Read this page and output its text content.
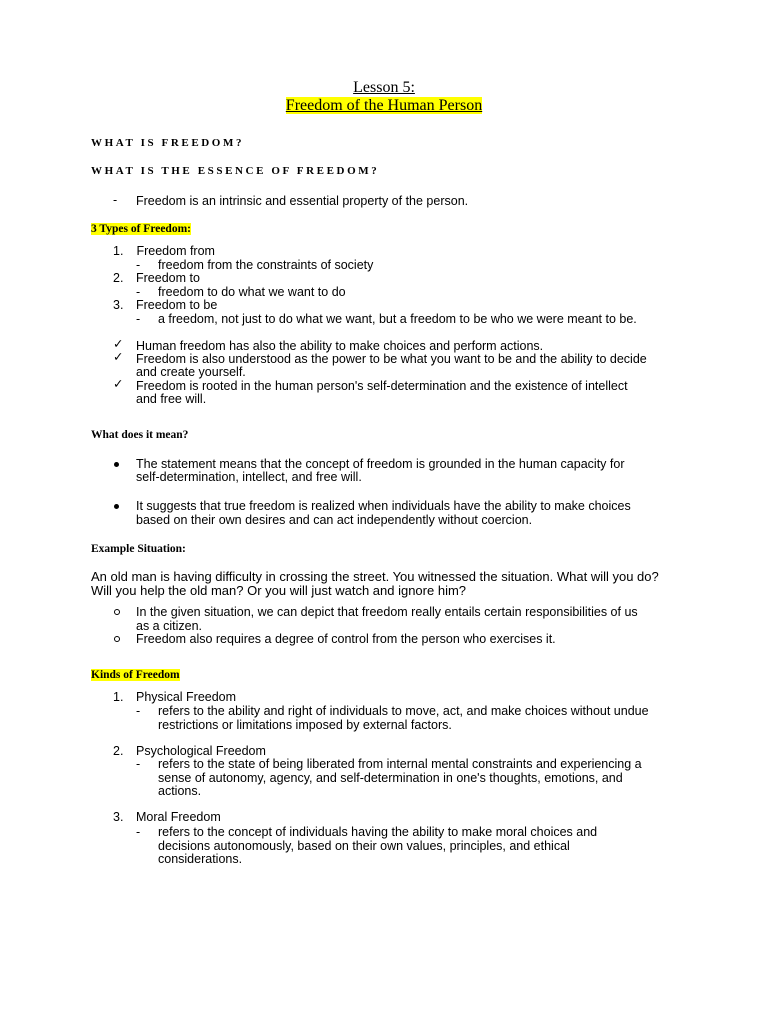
Lesson 5:
Freedom of the Human Person
WHAT IS FREEDOM?
WHAT IS THE ESSENCE OF FREEDOM?
- Freedom is an intrinsic and essential property of the person.
3 Types of Freedom:
1. Freedom from
- freedom from the constraints of society
2. Freedom to
- freedom to do what we want to do
3. Freedom to be
- a freedom, not just to do what we want, but a freedom to be who we were meant to be.
✓ Human freedom has also the ability to make choices and perform actions.
✓ Freedom is also understood as the power to be what you want to be and the ability to decide
and create yourself.
✓ Freedom is rooted in the human person's self-determination and the existence of intellect
and free will.
What does it mean?
The statement means that the concept of freedom is grounded in the human capacity for
self-determination, intellect, and free will.
It suggests that true freedom is realized when individuals have the ability to make choices
based on their own desires and can act independently without coercion.
Example Situation:
An old man is having difficulty in crossing the street. You witnessed the situation. What will you do?
Will you help the old man? Or you will just watch and ignore him?
In the given situation, we can depict that freedom really entails certain responsibilities of us
as a citizen.
Freedom also requires a degree of control from the person who exercises it.
Kinds of Freedom
1. Physical Freedom
- refers to the ability and right of individuals to move, act, and make choices without undue
restrictions or limitations imposed by external factors.
2. Psychological Freedom
- refers to the state of being liberated from internal mental constraints and experiencing a
sense of autonomy, agency, and self-determination in one's thoughts, emotions, and
actions.
3. Moral Freedom
- refers to the concept of individuals having the ability to make moral choices and
decisions autonomously, based on their own values, principles, and ethical
considerations.
